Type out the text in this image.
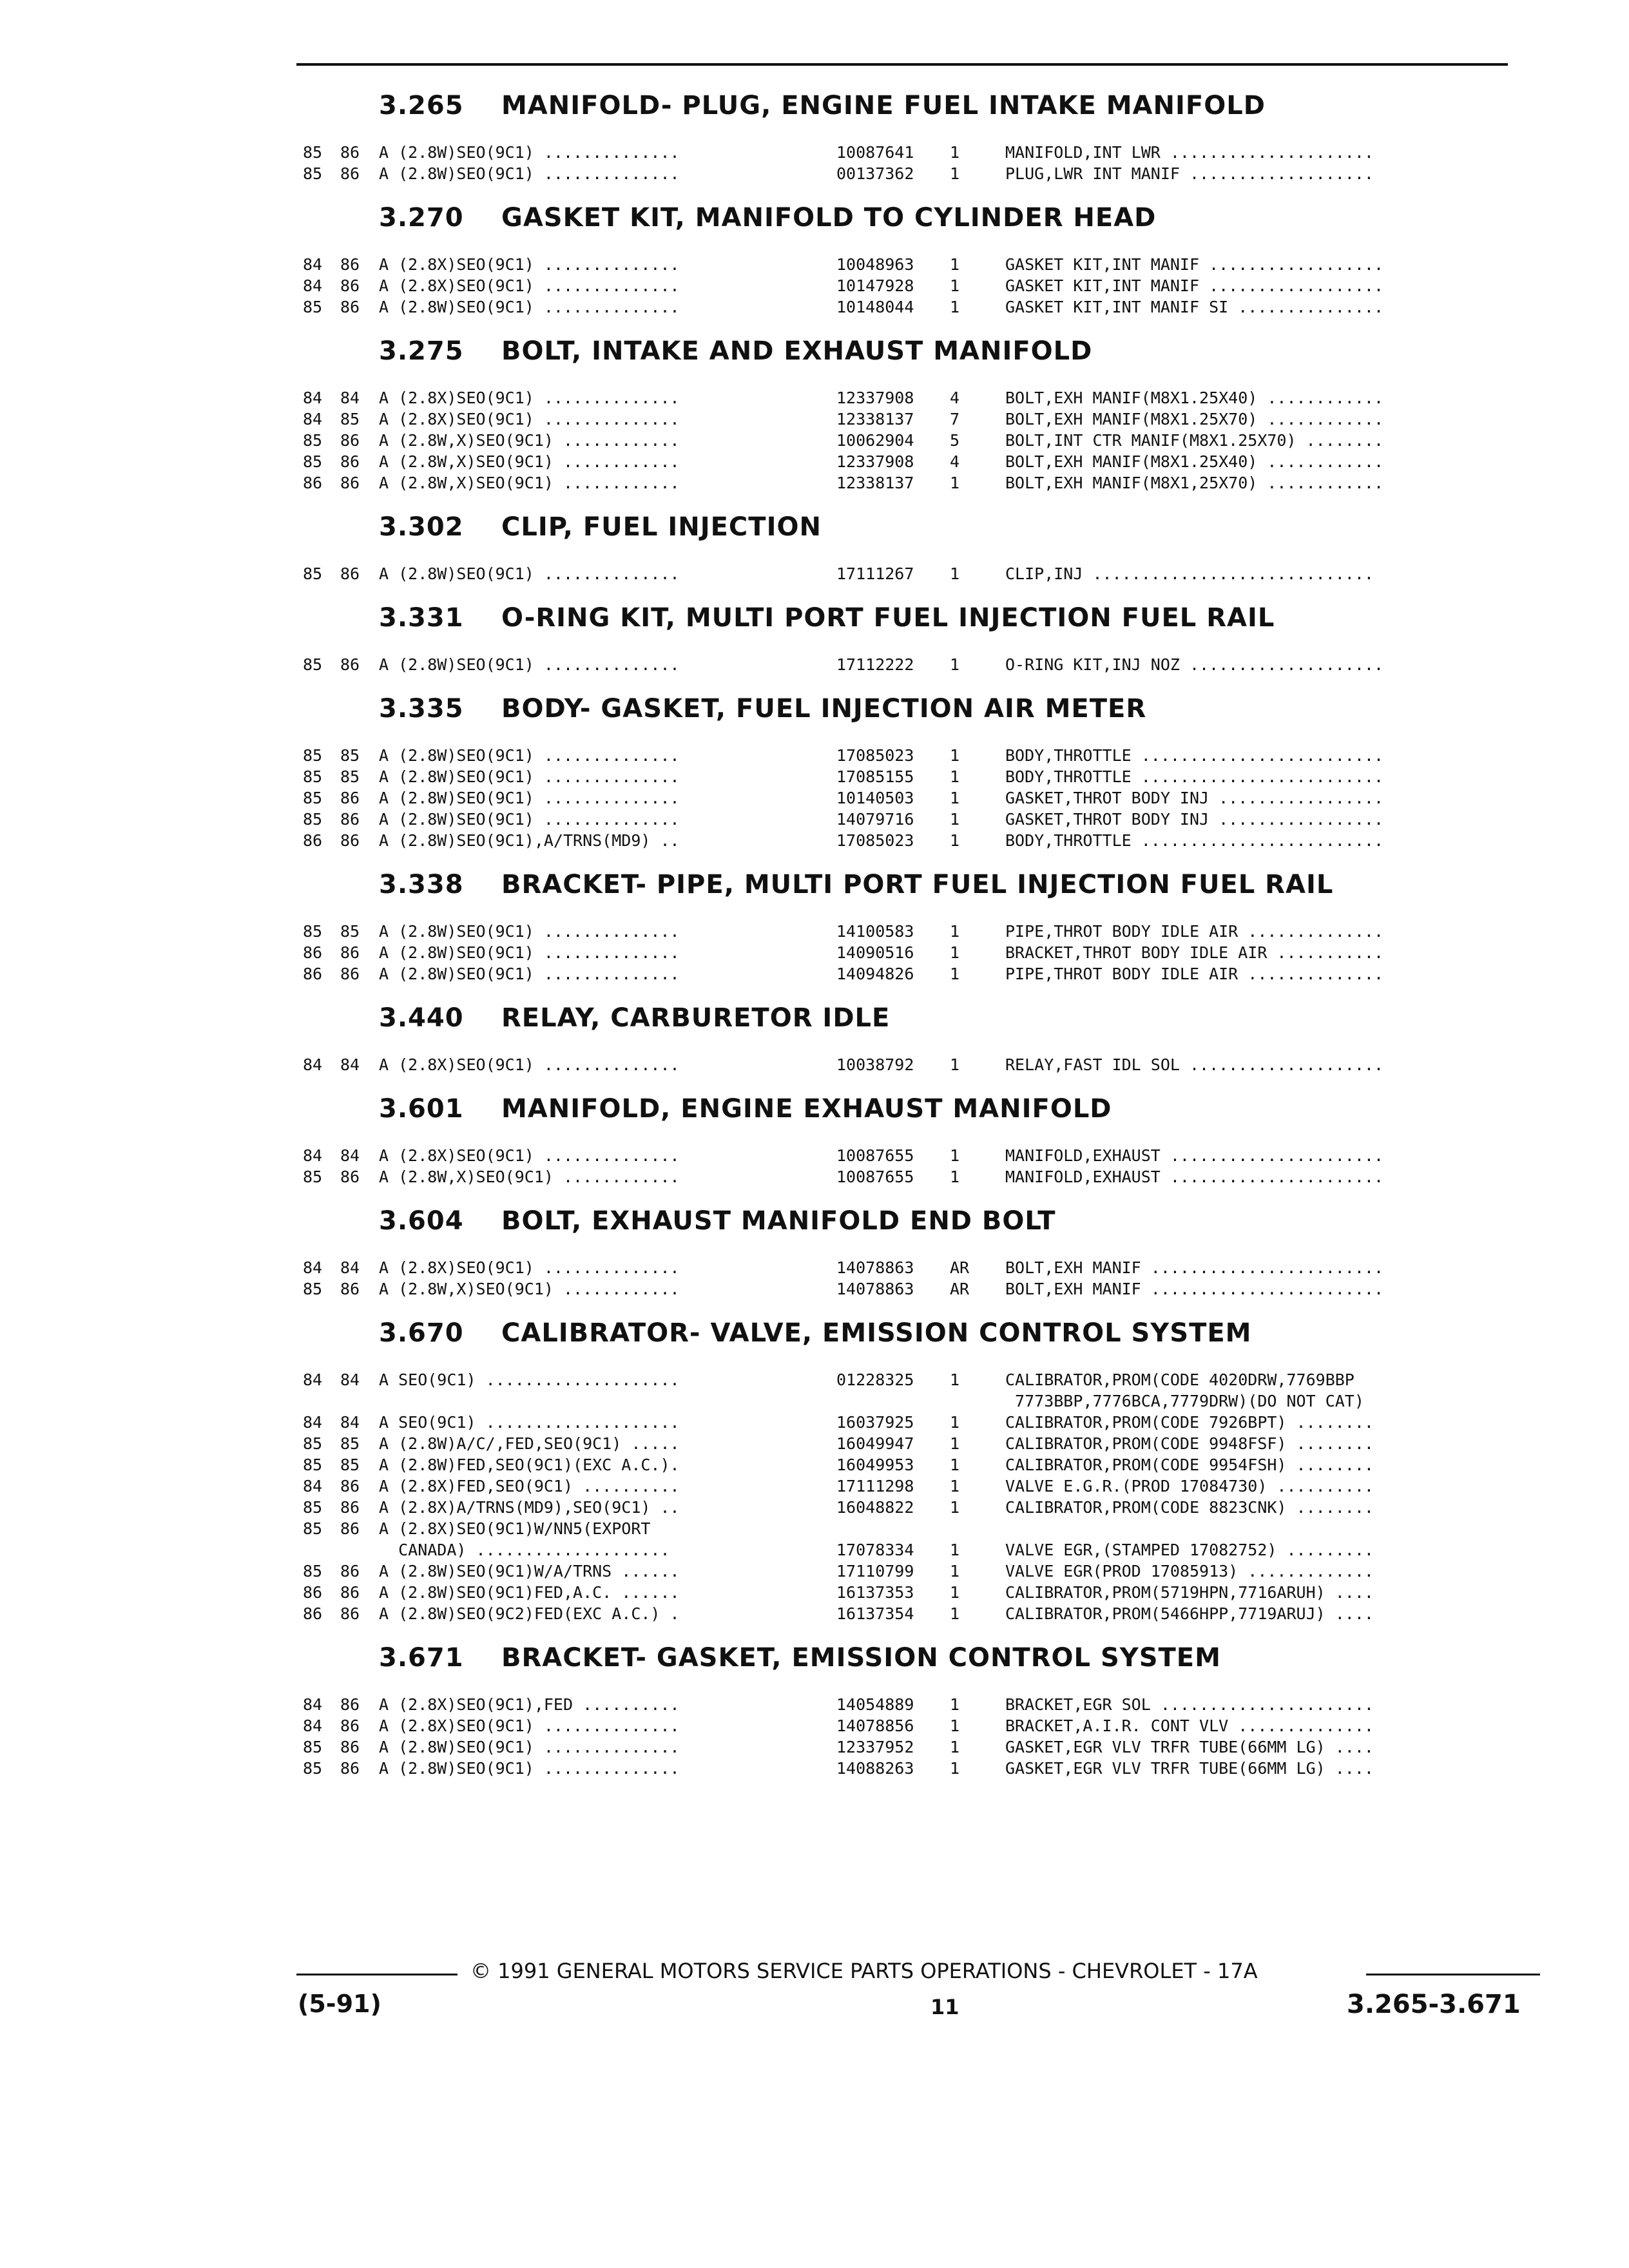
3.265	MANIFOLD- PLUG, ENGINE FUEL INTAKE MANIFOLD
85	86	A (2.8W)SEO(9C1) ..............	10087641	1	MANIFOLD,INT LWR .....................
85	86	A (2.8W)SEO(9C1) ..............	00137362	1	PLUG,LWR INT MANIF ...................
3.270	GASKET KIT, MANIFOLD TO CYLINDER HEAD
84	86	A (2.8X)SEO(9C1) ..............	10048963	1	GASKET KIT,INT MANIF ..................
84	86	A (2.8X)SEO(9C1) ..............	10147928	1	GASKET KIT,INT MANIF ..................
85	86	A (2.8W)SEO(9C1) ..............	10148044	1	GASKET KIT,INT MANIF SI ...............
3.275	BOLT, INTAKE AND EXHAUST MANIFOLD
84	84	A (2.8X)SEO(9C1) ..............	12337908	4	BOLT,EXH MANIF(M8X1.25X40) ............
84	85	A (2.8X)SEO(9C1) ..............	12338137	7	BOLT,EXH MANIF(M8X1.25X70) ............
85	86	A (2.8W,X)SEO(9C1) ............	10062904	5	BOLT,INT CTR MANIF(M8X1.25X70) ........
85	86	A (2.8W,X)SEO(9C1) ............	12337908	4	BOLT,EXH MANIF(M8X1.25X40) ............
86	86	A (2.8W,X)SEO(9C1) ............	12338137	1	BOLT,EXH MANIF(M8X1,25X70) ............
3.302	CLIP, FUEL INJECTION
85	86	A (2.8W)SEO(9C1) ..............	17111267	1	CLIP,INJ .............................
3.331	O-RING KIT, MULTI PORT FUEL INJECTION FUEL RAIL
85	86	A (2.8W)SEO(9C1) ..............	17112222	1	O-RING KIT,INJ NOZ ....................
3.335	BODY- GASKET, FUEL INJECTION AIR METER
85	85	A (2.8W)SEO(9C1) ..............	17085023	1	BODY,THROTTLE .........................
85	85	A (2.8W)SEO(9C1) ..............	17085155	1	BODY,THROTTLE .........................
85	86	A (2.8W)SEO(9C1) ..............	10140503	1	GASKET,THROT BODY INJ .................
85	86	A (2.8W)SEO(9C1) ..............	14079716	1	GASKET,THROT BODY INJ .................
86	86	A (2.8W)SEO(9C1),A/TRNS(MD9) ..	17085023	1	BODY,THROTTLE .........................
3.338	BRACKET- PIPE, MULTI PORT FUEL INJECTION FUEL RAIL
85	85	A (2.8W)SEO(9C1) ..............	14100583	1	PIPE,THROT BODY IDLE AIR ..............
86	86	A (2.8W)SEO(9C1) ..............	14090516	1	BRACKET,THROT BODY IDLE AIR ...........
86	86	A (2.8W)SEO(9C1) ..............	14094826	1	PIPE,THROT BODY IDLE AIR ..............
3.440	RELAY, CARBURETOR IDLE
84	84	A (2.8X)SEO(9C1) ..............	10038792	1	RELAY,FAST IDL SOL ....................
3.601	MANIFOLD, ENGINE EXHAUST MANIFOLD
84	84	A (2.8X)SEO(9C1) ..............	10087655	1	MANIFOLD,EXHAUST ......................
85	86	A (2.8W,X)SEO(9C1) ............	10087655	1	MANIFOLD,EXHAUST ......................
3.604	BOLT, EXHAUST MANIFOLD END BOLT
84	84	A (2.8X)SEO(9C1) ..............	14078863	AR	BOLT,EXH MANIF ........................
85	86	A (2.8W,X)SEO(9C1) ............	14078863	AR	BOLT,EXH MANIF ........................
3.670	CALIBRATOR- VALVE, EMISSION CONTROL SYSTEM
84	84	A SEO(9C1) ....................	01228325	1	CALIBRATOR,PROM(CODE 4020DRW,7769BBP
7773BBP,7776BCA,7779DRW)(DO NOT CAT)
84	84	A SEO(9C1) ....................	16037925	1	CALIBRATOR,PROM(CODE 7926BPT) ........
85	85	A (2.8W)A/C/,FED,SEO(9C1) .....	16049947	1	CALIBRATOR,PROM(CODE 9948FSF) ........
85	85	A (2.8W)FED,SEO(9C1)(EXC A.C.).	16049953	1	CALIBRATOR,PROM(CODE 9954FSH) ........
84	86	A (2.8X)FED,SEO(9C1) ..........	17111298	1	VALVE E.G.R.(PROD 17084730) ..........
85	86	A (2.8X)A/TRNS(MD9),SEO(9C1) ..	16048822	1	CALIBRATOR,PROM(CODE 8823CNK) ........
85	86	A (2.8X)SEO(9C1)W/NN5(EXPORT
CANADA) ....................	17078334	1	VALVE EGR,(STAMPED 17082752) .........
85	86	A (2.8W)SEO(9C1)W/A/TRNS ......	17110799	1	VALVE EGR(PROD 17085913) .............
86	86	A (2.8W)SEO(9C1)FED,A.C. ......	16137353	1	CALIBRATOR,PROM(5719HPN,7716ARUH) ....
86	86	A (2.8W)SEO(9C2)FED(EXC A.C.) .	16137354	1	CALIBRATOR,PROM(5466HPP,7719ARUJ) ....
3.671	BRACKET- GASKET, EMISSION CONTROL SYSTEM
84	86	A (2.8X)SEO(9C1),FED ..........	14054889	1	BRACKET,EGR SOL ......................
84	86	A (2.8X)SEO(9C1) ..............	14078856	1	BRACKET,A.I.R. CONT VLV ..............
85	86	A (2.8W)SEO(9C1) ..............	12337952	1	GASKET,EGR VLV TRFR TUBE(66MM LG) ....
85	86	A (2.8W)SEO(9C1) ..............	14088263	1	GASKET,EGR VLV TRFR TUBE(66MM LG) ....
© 1991 GENERAL MOTORS SERVICE PARTS OPERATIONS - CHEVROLET - 17A
(5-91)	11	3.265-3.671
